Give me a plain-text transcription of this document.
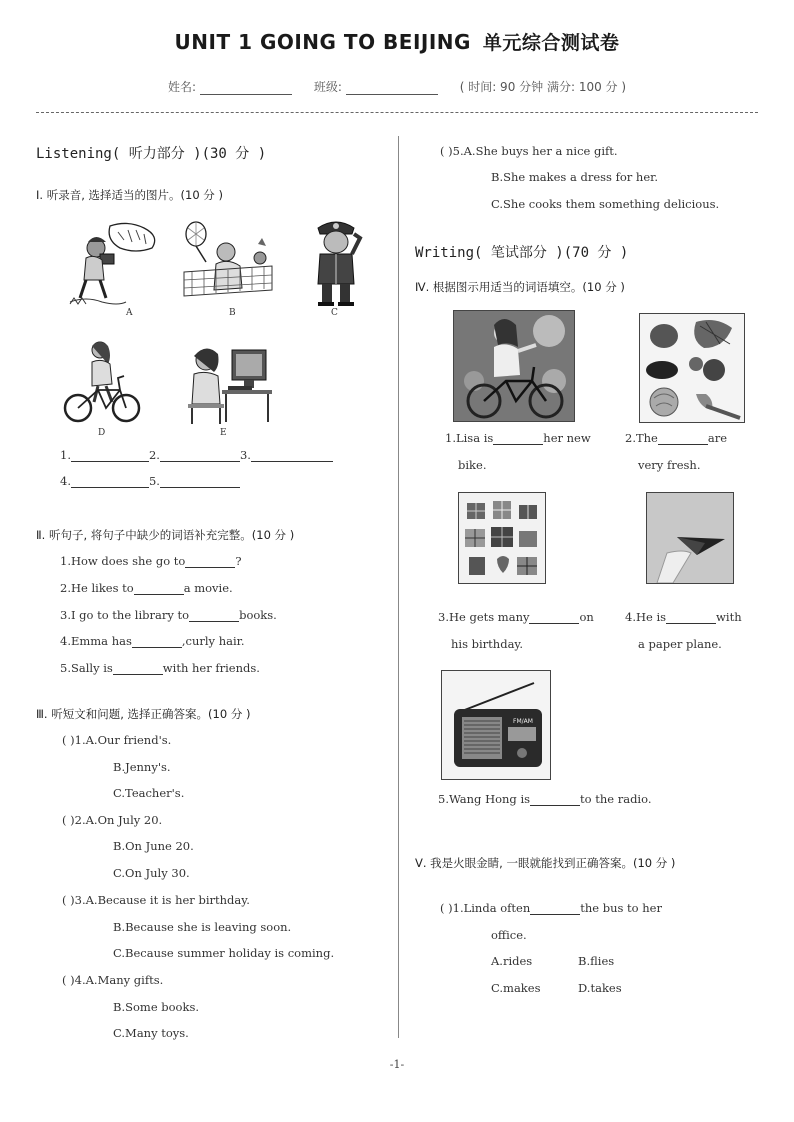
UNIT 1 GOING TO BEIJING 单元综合测试卷
姓名:	班级:	( 时间: 90 分钟 满分: 100 分 )
Listening( 听力部分 )(30 分 )
Ⅰ. 听录音, 选择适当的图片。(10 分 )
A	B	C
D	E
1.	2.	3.
4.	5.
Ⅱ. 听句子, 将句子中缺少的词语补充完整。(10 分 )
1.How does she go to	?
2.He likes to	a movie.
3.I go to the library to	books.
4.Emma has	,curly hair.
5.Sally is	with her friends.
Ⅲ. 听短文和问题, 选择正确答案。(10 分 )
( )1.A.Our friend's.
B.Jenny's.
C.Teacher's.
( )2.A.On July 20.
B.On June 20.
C.On July 30.
( )3.A.Because it is her birthday.
B.Because she is leaving soon.
C.Because summer holiday is coming.
( )4.A.Many gifts.
B.Some books.
C.Many toys.
( )5.A.She buys her a nice gift.
B.She makes a dress for her.
C.She cooks them something delicious.
Writing( 笔试部分 )(70 分 )
Ⅳ. 根据图示用适当的词语填空。(10 分 )
1.Lisa is	her new
bike.
2.The	are
very fresh.
3.He gets many	on
his birthday.
4.He is	with
a paper plane.
FM/AM
5.Wang Hong is	to the radio.
Ⅴ. 我是火眼金睛, 一眼就能找到正确答案。(10 分 )
( )1.Linda often	the bus to her
office.
A.rides	B.flies
C.makes	D.takes
-1-
